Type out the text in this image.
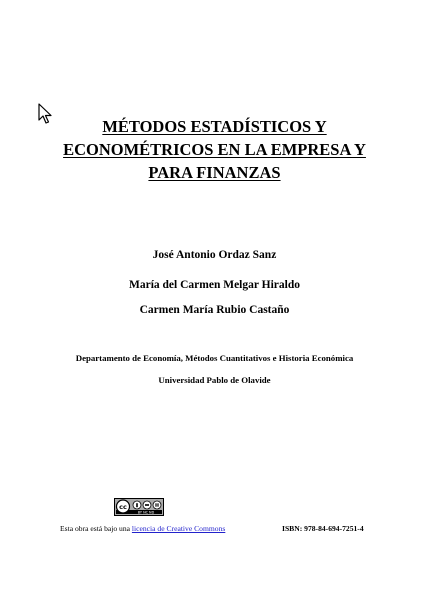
MÉTODOS ESTADÍSTICOS Y
ECONOMÉTRICOS EN LA EMPRESA Y
PARA FINANZAS
José Antonio Ordaz Sanz
María del Carmen Melgar Hiraldo
Carmen María Rubio Castaño
Departamento de Economía, Métodos Cuantitativos e Historia Económica
Universidad Pablo de Olavide
cc
BY NC ND
Esta obra está bajo una licencia de Creative Commons	ISBN: 978-84-694-7251-4
